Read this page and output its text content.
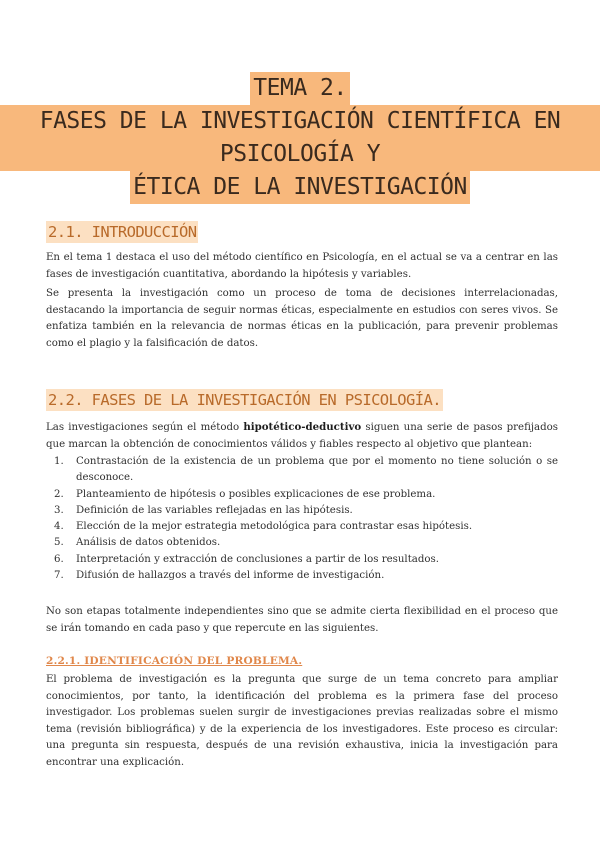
TEMA 2.
FASES DE LA INVESTIGACIÓN CIENTÍFICA EN PSICOLOGÍA Y
ÉTICA DE LA INVESTIGACIÓN
2.1. INTRODUCCIÓN

En el tema 1 destaca el uso del método científico en Psicología, en el actual se va a centrar en las fases de investigación cuantitativa, abordando la hipótesis y variables.

Se presenta la investigación como un proceso de toma de decisiones interrelacionadas, destacando la importancia de seguir normas éticas, especialmente en estudios con seres vivos. Se enfatiza también en la relevancia de normas éticas en la publicación, para prevenir problemas como el plagio y la falsificación de datos.

2.2. FASES DE LA INVESTIGACIÓN EN PSICOLOGÍA.

Las investigaciones según el método hipotético-deductivo siguen una serie de pasos prefijados que marcan la obtención de conocimientos válidos y fiables respecto al objetivo que plantean:

1. Contrastación de la existencia de un problema que por el momento no tiene solución o se desconoce.
2. Planteamiento de hipótesis o posibles explicaciones de ese problema.
3. Definición de las variables reflejadas en las hipótesis.
4. Elección de la mejor estrategia metodológica para contrastar esas hipótesis.
5. Análisis de datos obtenidos.
6. Interpretación y extracción de conclusiones a partir de los resultados.
7. Difusión de hallazgos a través del informe de investigación.

No son etapas totalmente independientes sino que se admite cierta flexibilidad en el proceso que se irán tomando en cada paso y que repercute en las siguientes.

2.2.1. IDENTIFICACIÓN DEL PROBLEMA.

El problema de investigación es la pregunta que surge de un tema concreto para ampliar conocimientos, por tanto, la identificación del problema es la primera fase del proceso investigador. Los problemas suelen surgir de investigaciones previas realizadas sobre el mismo tema (revisión bibliográfica) y de la experiencia de los investigadores. Este proceso es circular: una pregunta sin respuesta, después de una revisión exhaustiva, inicia la investigación para encontrar una explicación.
